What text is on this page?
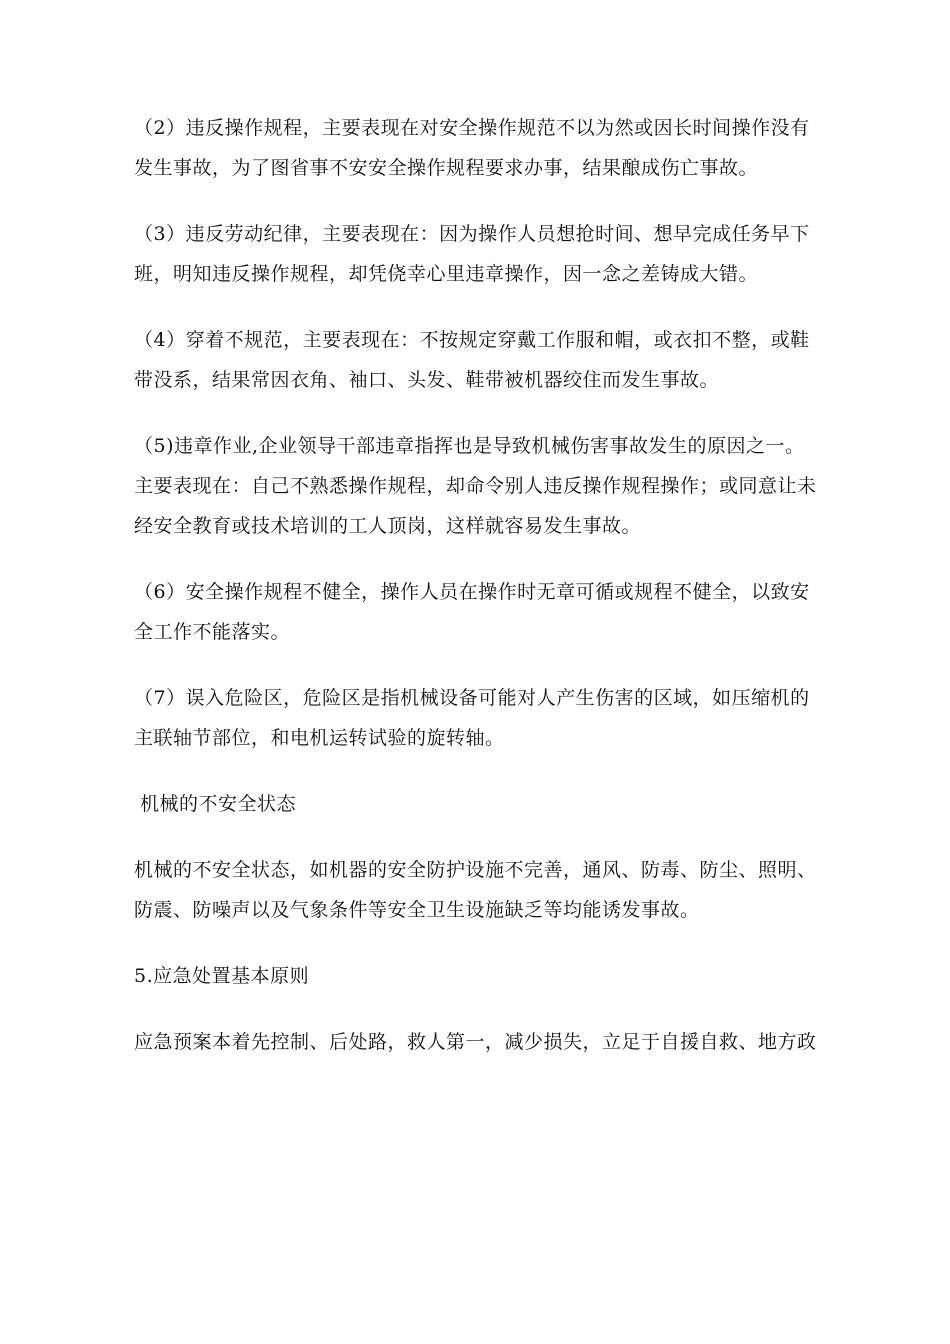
（2）违反操作规程，主要表现在对安全操作规范不以为然或因长时间操作没有
发生事故，为了图省事不安安全操作规程要求办事，结果酿成伤亡事故。

（3）违反劳动纪律，主要表现在：因为操作人员想抢时间、想早完成任务早下
班，明知违反操作规程，却凭侥幸心里违章操作，因一念之差铸成大错。

（4）穿着不规范，主要表现在：不按规定穿戴工作服和帽，或衣扣不整，或鞋
带没系，结果常因衣角、袖口、头发、鞋带被机器绞住而发生事故。

（5)违章作业,企业领导干部违章指挥也是导致机械伤害事故发生的原因之一。
主要表现在：自己不熟悉操作规程，却命令别人违反操作规程操作；或同意让未
经安全教育或技术培训的工人顶岗，这样就容易发生事故。

（6）安全操作规程不健全，操作人员在操作时无章可循或规程不健全，以致安
全工作不能落实。

（7）误入危险区，危险区是指机械设备可能对人产生伤害的区域，如压缩机的
主联轴节部位，和电机运转试验的旋转轴。

机械的不安全状态

机械的不安全状态，如机器的安全防护设施不完善，通风、防毒、防尘、照明、
防震、防噪声以及气象条件等安全卫生设施缺乏等均能诱发事故。

5.应急处置基本原则

应急预案本着先控制、后处路，救人第一，减少损失，立足于自援自救、地方政
